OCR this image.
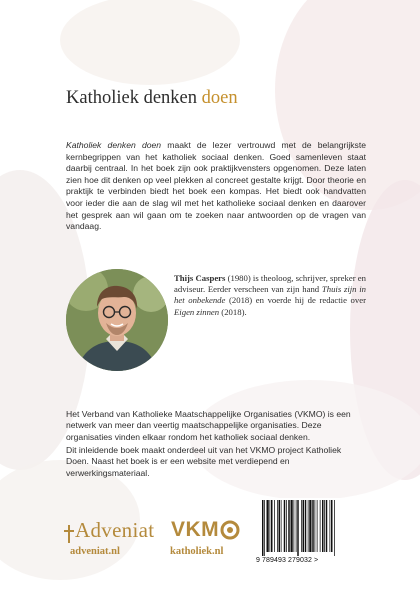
Katholiek denken doen

Katholiek denken doen maakt de lezer vertrouwd met de belangrijkste kernbegrippen van het katholiek sociaal denken. Goed samenleven staat daarbij centraal. In het boek zijn ook praktijkvensters opgenomen. Deze laten zien hoe dit denken op veel plekken al concreet gestalte krijgt. Door theorie en praktijk te verbinden biedt het boek een kompas. Het biedt ook handvatten voor ieder die aan de slag wil met het katholieke sociaal denken en daarover het gesprek aan wil gaan om te zoeken naar antwoorden op de vragen van vandaag.

Thijs Caspers (1980) is theoloog, schrijver, spreker en adviseur. Eerder verscheen van zijn hand Thuis zijn in het onbekende (2018) en voerde hij de redactie over Eigen zinnen (2018).

Het Verband van Katholieke Maatschappelijke Organisaties (VKMO) is een netwerk van meer dan veertig maatschappelijke organisaties. Deze organisaties vinden elkaar rondom het katholiek sociaal denken.

Dit inleidende boek maakt onderdeel uit van het VKMO project Katholiek Doen. Naast het boek is er een website met verdiepend en verwerkingsmateriaal.

Adveniat
adveniat.nl
VKM
katholiek.nl
9 789493 279032 >
